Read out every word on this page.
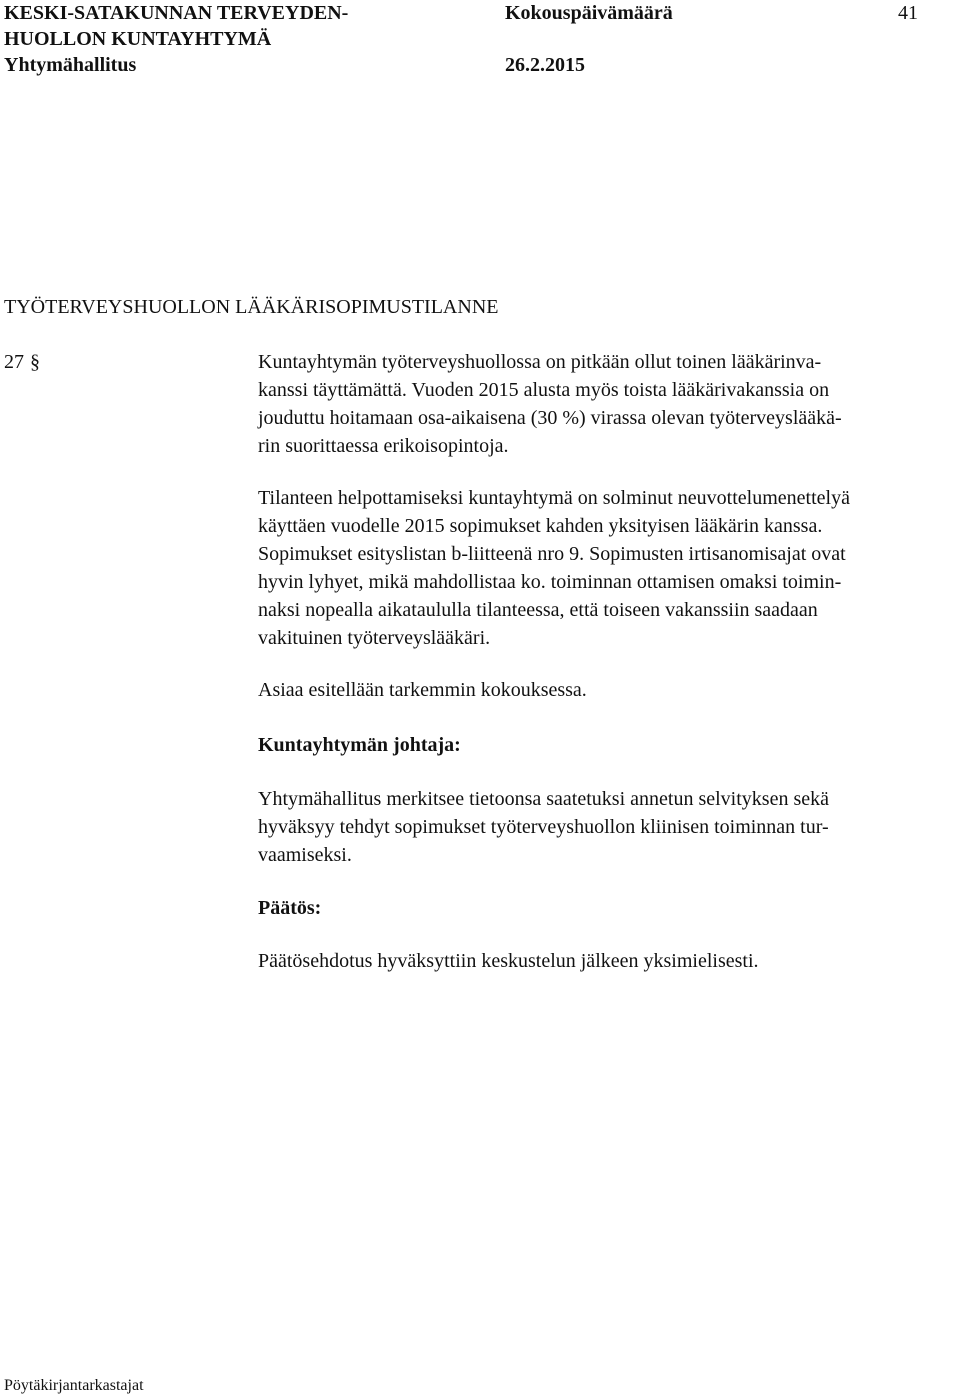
KESKI-SATAKUNNAN TERVEYDEN-
HUOLLON KUNTAYHTYMÄ
Yhtymähallitus
Kokouspäivämäärä	41
26.2.2015
TYÖTERVEYSHUOLLON LÄÄKÄRISOPIMUSTILANNE
27 §	Kuntayhtymän työterveyshuollossa on pitkään ollut toinen lääkärinva-
kanssi täyttämättä. Vuoden 2015 alusta myös toista lääkärivakanssia on
jouduttu hoitamaan osa-aikaisena (30 %) virassa olevan työterveyslääkä-
rin suorittaessa erikoisopintoja.

Tilanteen helpottamiseksi kuntayhtymä on solminut neuvottelumenettelyä
käyttäen vuodelle 2015 sopimukset kahden yksityisen lääkärin kanssa.
Sopimukset esityslistan b-liitteenä nro 9. Sopimusten irtisanomisajat ovat
hyvin lyhyet, mikä mahdollistaa ko. toiminnan ottamisen omaksi toimin-
naksi nopealla aikataululla tilanteessa, että toiseen vakanssiin saadaan
vakituinen työterveyslääkäri.

Asiaa esitellään tarkemmin kokouksessa.
Kuntayhtymän johtaja:

Yhtymähallitus merkitsee tietoonsa saatetuksi annetun selvityksen sekä
hyväksyy tehdyt sopimukset työterveyshuollon kliinisen toiminnan tur-
vaamiseksi.

Päätös:
Päätösehdotus hyväksyttiin keskustelun jälkeen yksimielisesti.
Pöytäkirjantarkastajat
